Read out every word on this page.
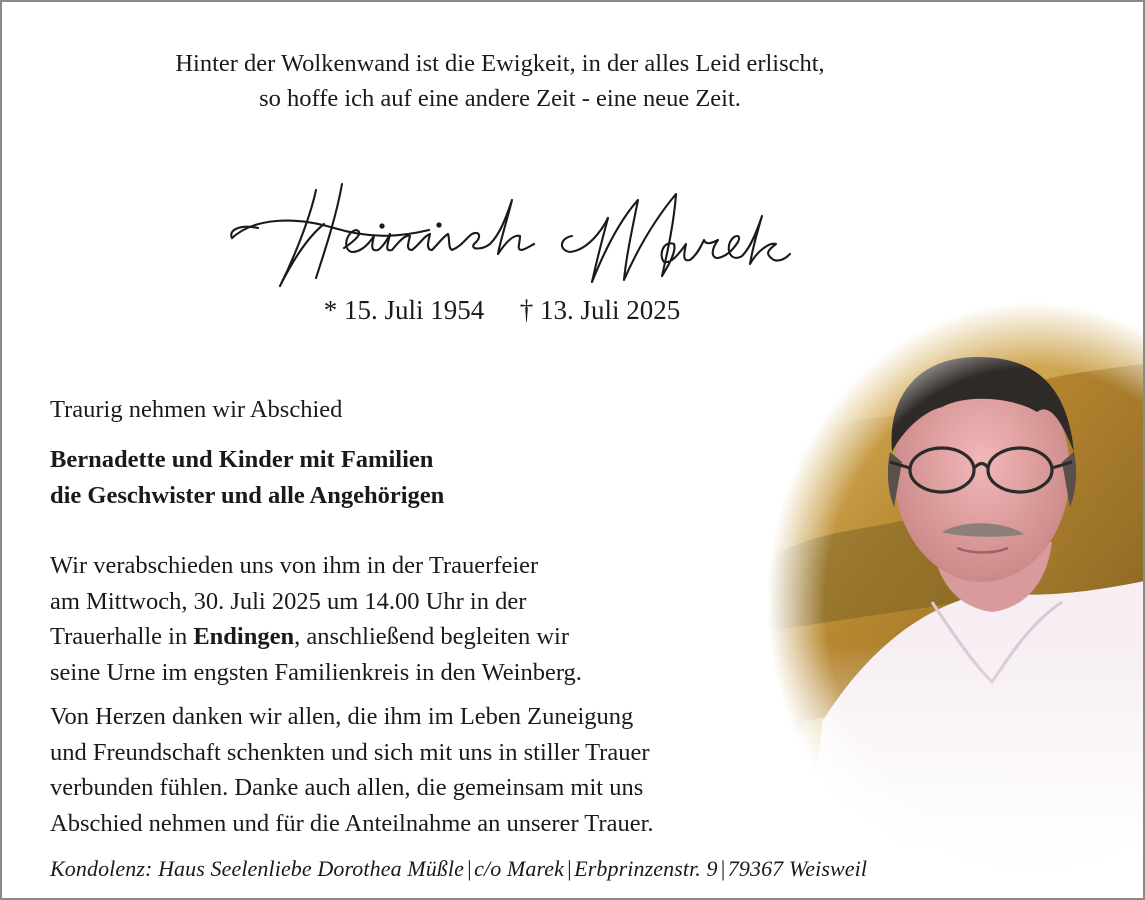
Hinter der Wolkenwand ist die Ewigkeit, in der alles Leid erlischt,
so hoffe ich auf eine andere Zeit - eine neue Zeit.
* 15. Juli 1954 † 13. Juli 2025
Traurig nehmen wir Abschied
Bernadette und Kinder mit Familien
die Geschwister und alle Angehörigen
Wir verabschieden uns von ihm in der Trauerfeier
am Mittwoch, 30. Juli 2025 um 14.00 Uhr in der
Trauerhalle in Endingen, anschließend begleiten wir
seine Urne im engsten Familienkreis in den Weinberg.
Von Herzen danken wir allen, die ihm im Leben Zuneigung
und Freundschaft schenkten und sich mit uns in stiller Trauer
verbunden fühlen. Danke auch allen, die gemeinsam mit uns
Abschied nehmen und für die Anteilnahme an unserer Trauer.
Kondolenz: Haus Seelenliebe Dorothea Müßle|c/o Marek|Erbprinzenstr. 9|79367 Weisweil
